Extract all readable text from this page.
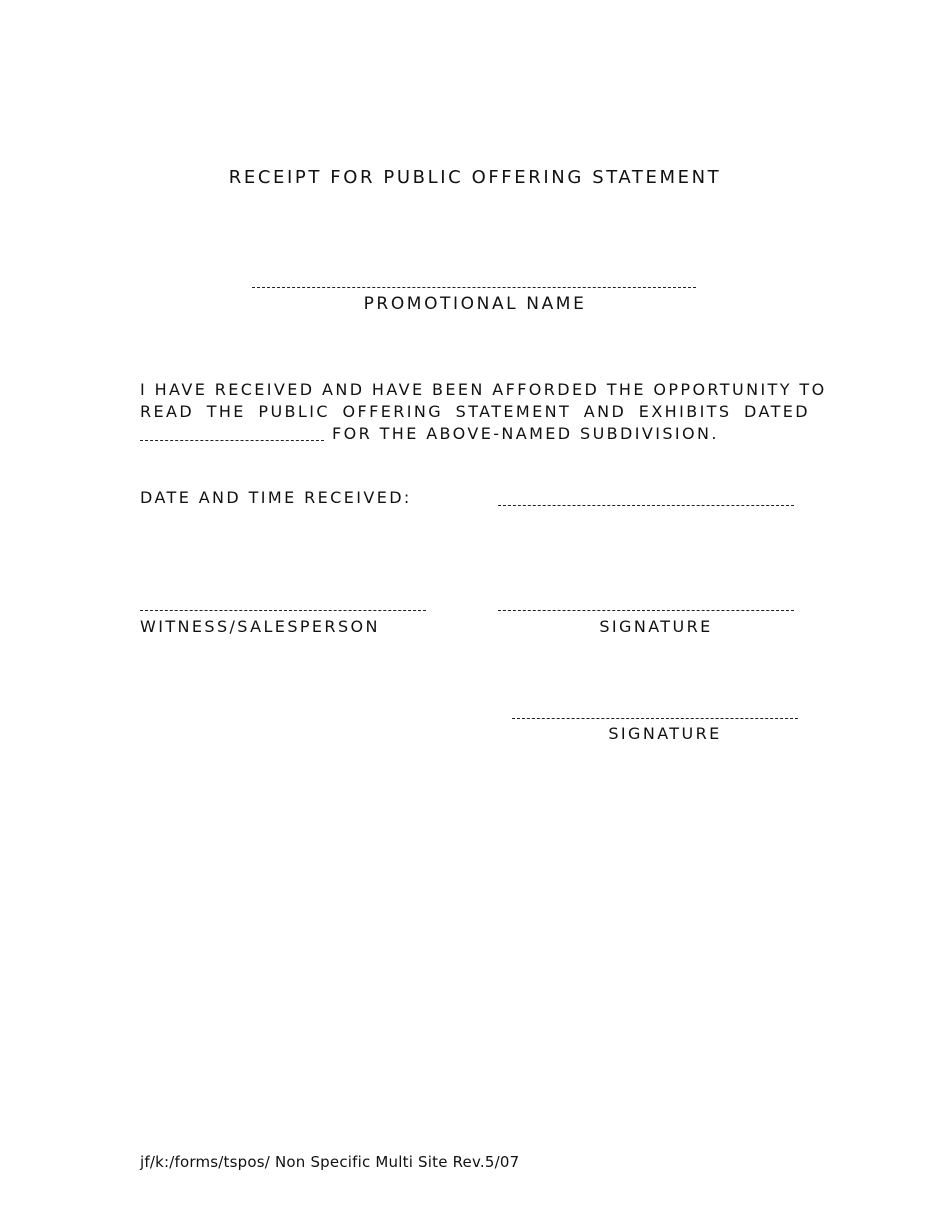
RECEIPT FOR PUBLIC OFFERING STATEMENT
PROMOTIONAL NAME
I HAVE RECEIVED AND HAVE BEEN AFFORDED THE OPPORTUNITY TO
READ THE PUBLIC OFFERING STATEMENT AND EXHIBITS DATED
FOR THE ABOVE-NAMED SUBDIVISION.
DATE AND TIME RECEIVED:
WITNESS/SALESPERSON	SIGNATURE
SIGNATURE
jf/k:/forms/tspos/ Non Specific Multi Site Rev.5/07
